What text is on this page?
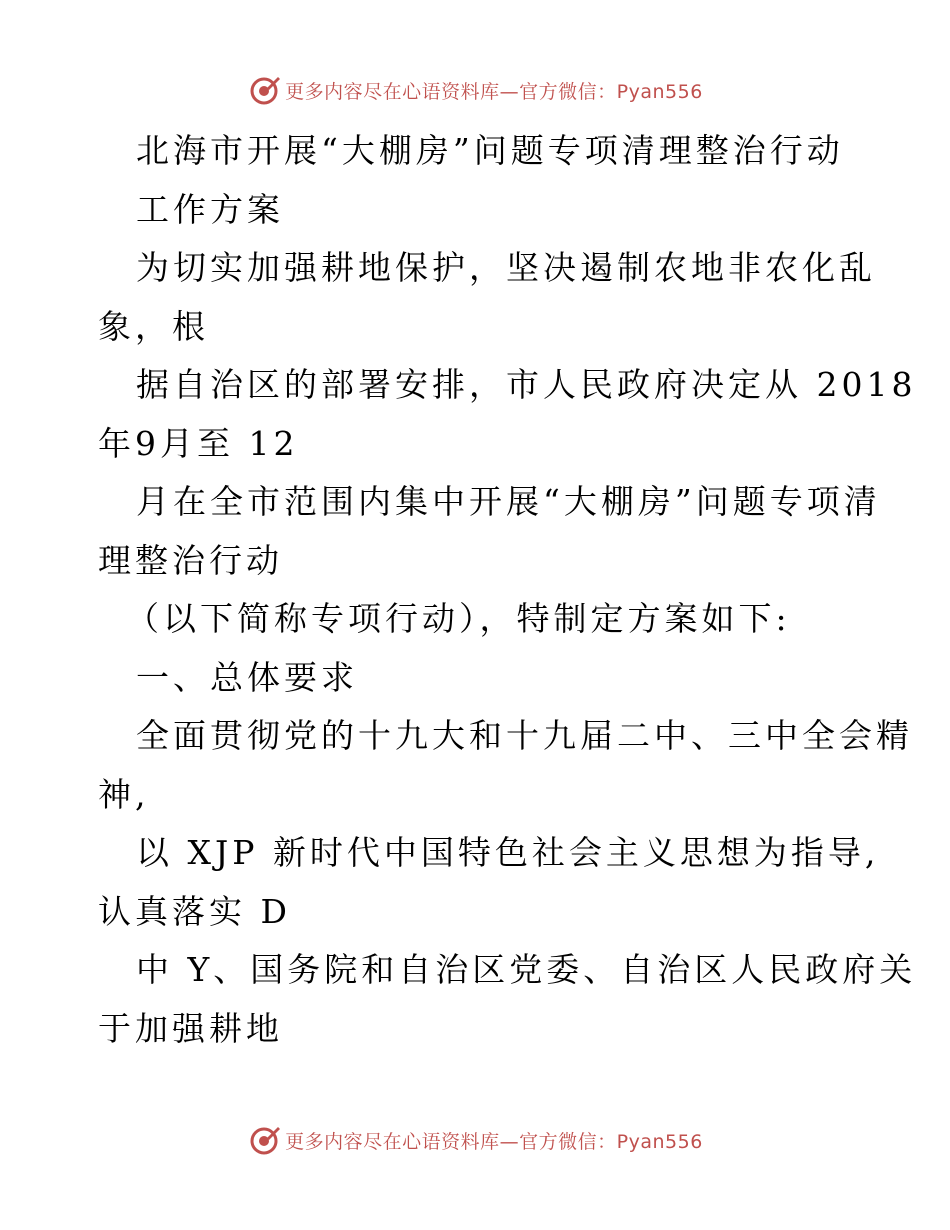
更多内容尽在心语资料库—官方微信：Pyan556
北海市开展“大棚房”问题专项清理整治行动
工作方案
为切实加强耕地保护，坚决遏制农地非农化乱
象，根
据自治区的部署安排，市人民政府决定从 2018
年9月至 12
月在全市范围内集中开展“大棚房”问题专项清
理整治行动
（以下简称专项行动），特制定方案如下:
一、总体要求
全面贯彻党的十九大和十九届二中、三中全会精
神,
以 XJP 新时代中国特色社会主义思想为指导,
认真落实 D
中 Y、国务院和自治区党委、自治区人民政府关
于加强耕地
更多内容尽在心语资料库—官方微信：Pyan556
